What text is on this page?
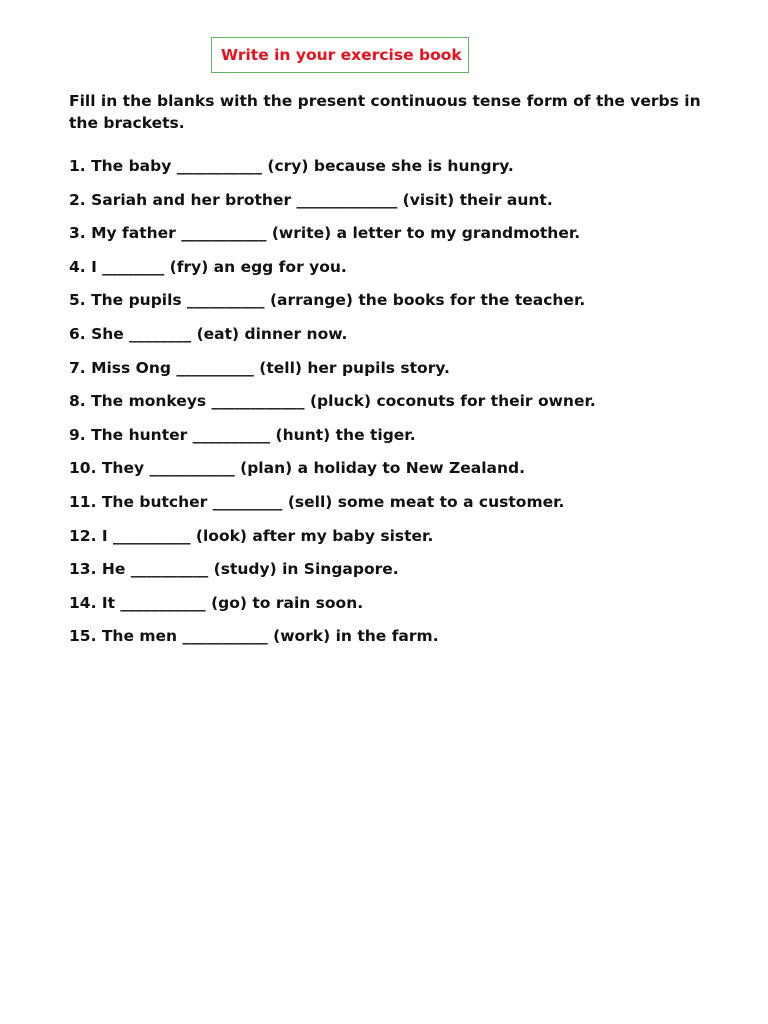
Write in your exercise book
Fill in the blanks with the present continuous tense form of the verbs in the brackets.
1. The baby ___________ (cry) because she is hungry.
2. Sariah and her brother _____________ (visit) their aunt.
3. My father ___________ (write) a letter to my grandmother.
4. I ________ (fry) an egg for you.
5. The pupils __________ (arrange) the books for the teacher.
6. She ________ (eat) dinner now.
7. Miss Ong __________ (tell) her pupils story.
8. The monkeys ____________ (pluck) coconuts for their owner.
9. The hunter __________ (hunt) the tiger.
10. They ___________ (plan) a holiday to New Zealand.
11. The butcher _________ (sell) some meat to a customer.
12. I __________ (look) after my baby sister.
13. He __________ (study) in Singapore.
14. It ___________ (go) to rain soon.
15. The men ___________ (work) in the farm.
